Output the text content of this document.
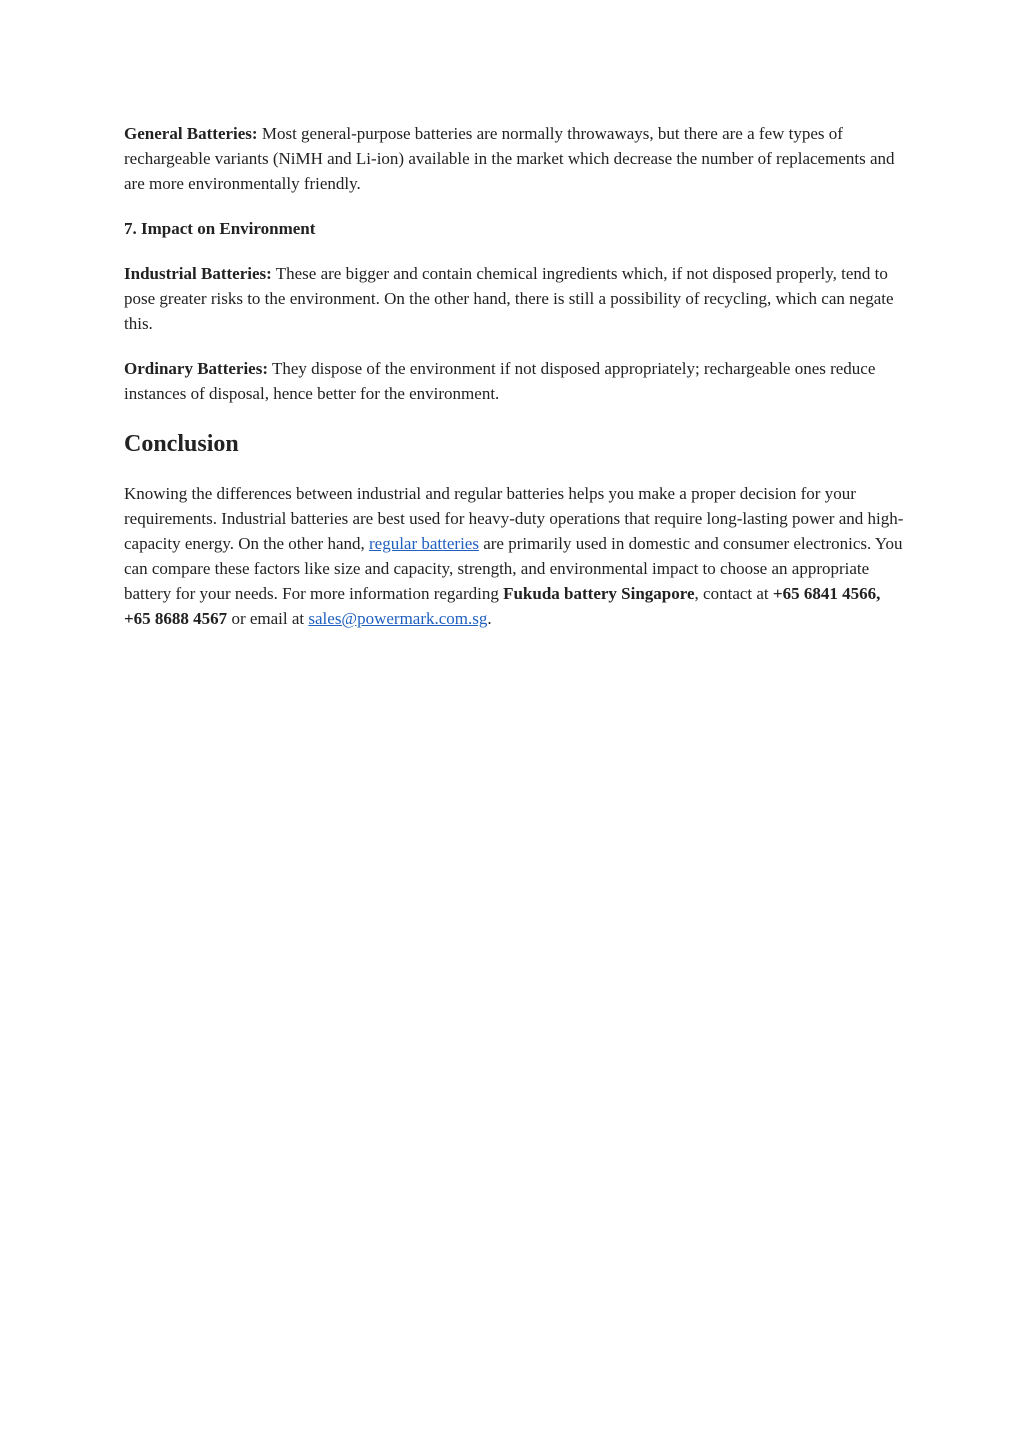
General Batteries: Most general-purpose batteries are normally throwaways, but there are a few types of rechargeable variants (NiMH and Li-ion) available in the market which decrease the number of replacements and are more environmentally friendly.

7. Impact on Environment

Industrial Batteries: These are bigger and contain chemical ingredients which, if not disposed properly, tend to pose greater risks to the environment. On the other hand, there is still a possibility of recycling, which can negate this.

Ordinary Batteries: They dispose of the environment if not disposed appropriately; rechargeable ones reduce instances of disposal, hence better for the environment.

Conclusion

Knowing the differences between industrial and regular batteries helps you make a proper decision for your requirements. Industrial batteries are best used for heavy-duty operations that require long-lasting power and high-capacity energy. On the other hand, regular batteries are primarily used in domestic and consumer electronics. You can compare these factors like size and capacity, strength, and environmental impact to choose an appropriate battery for your needs. For more information regarding Fukuda battery Singapore, contact at +65 6841 4566, +65 8688 4567 or email at sales@powermark.com.sg.
